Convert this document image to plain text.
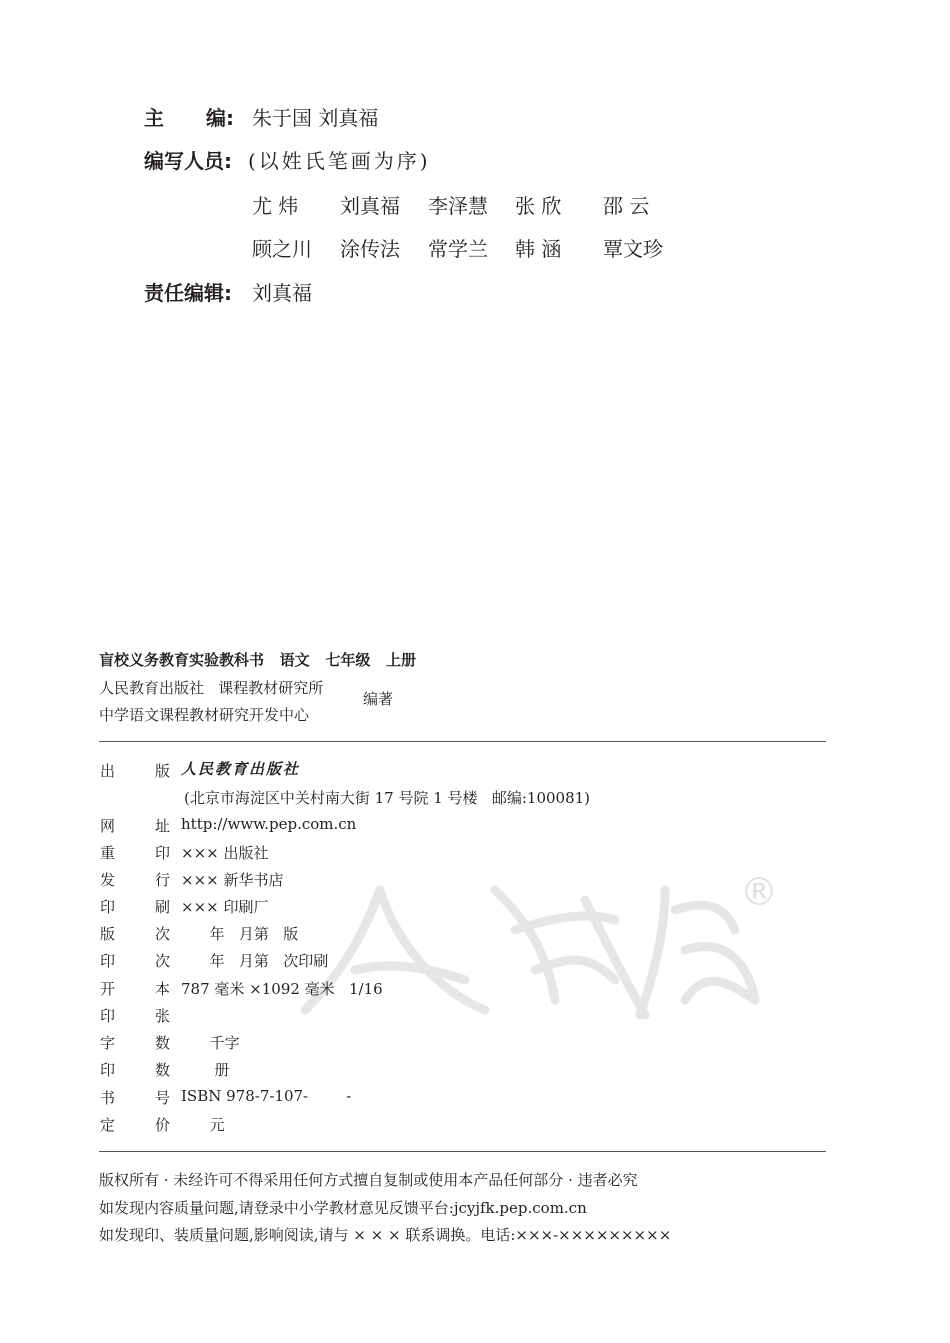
®
主编: 朱于国 刘真福
编写人员: (以姓氏笔画为序)
尤 炜 刘真福 李泽慧 张 欣 邵 云
顾之川 涂传法 常学兰 韩 涵 覃文珍
责任编辑: 刘真福
盲校义务教育实验教科书   语文   七年级   上册
人民教育出版社   课程教材研究所
中学语文课程教材研究开发中心
编著
出	版 人民教育出版社
(北京市海淀区中关村南大街 17 号院 1 号楼   邮编:100081)
网	址 http://www.pep.com.cn
重	印 ××× 出版社
发	行 ××× 新华书店
印	刷 ××× 印刷厂
版	次 年   月第   版
印	次 年   月第   次印刷
开	本 787 毫米 ×1092 毫米   1/16
印	张
字	数 千字
印	数 册
书	号 ISBN 978-7-107-        -
定	价 元
版权所有 · 未经许可不得采用任何方式擅自复制或使用本产品任何部分 · 违者必究
如发现内容质量问题,请登录中小学教材意见反馈平台:jcyjfk.pep.com.cn
如发现印、装质量问题,影响阅读,请与 × × × 联系调换。电话:×××-×××××××××
